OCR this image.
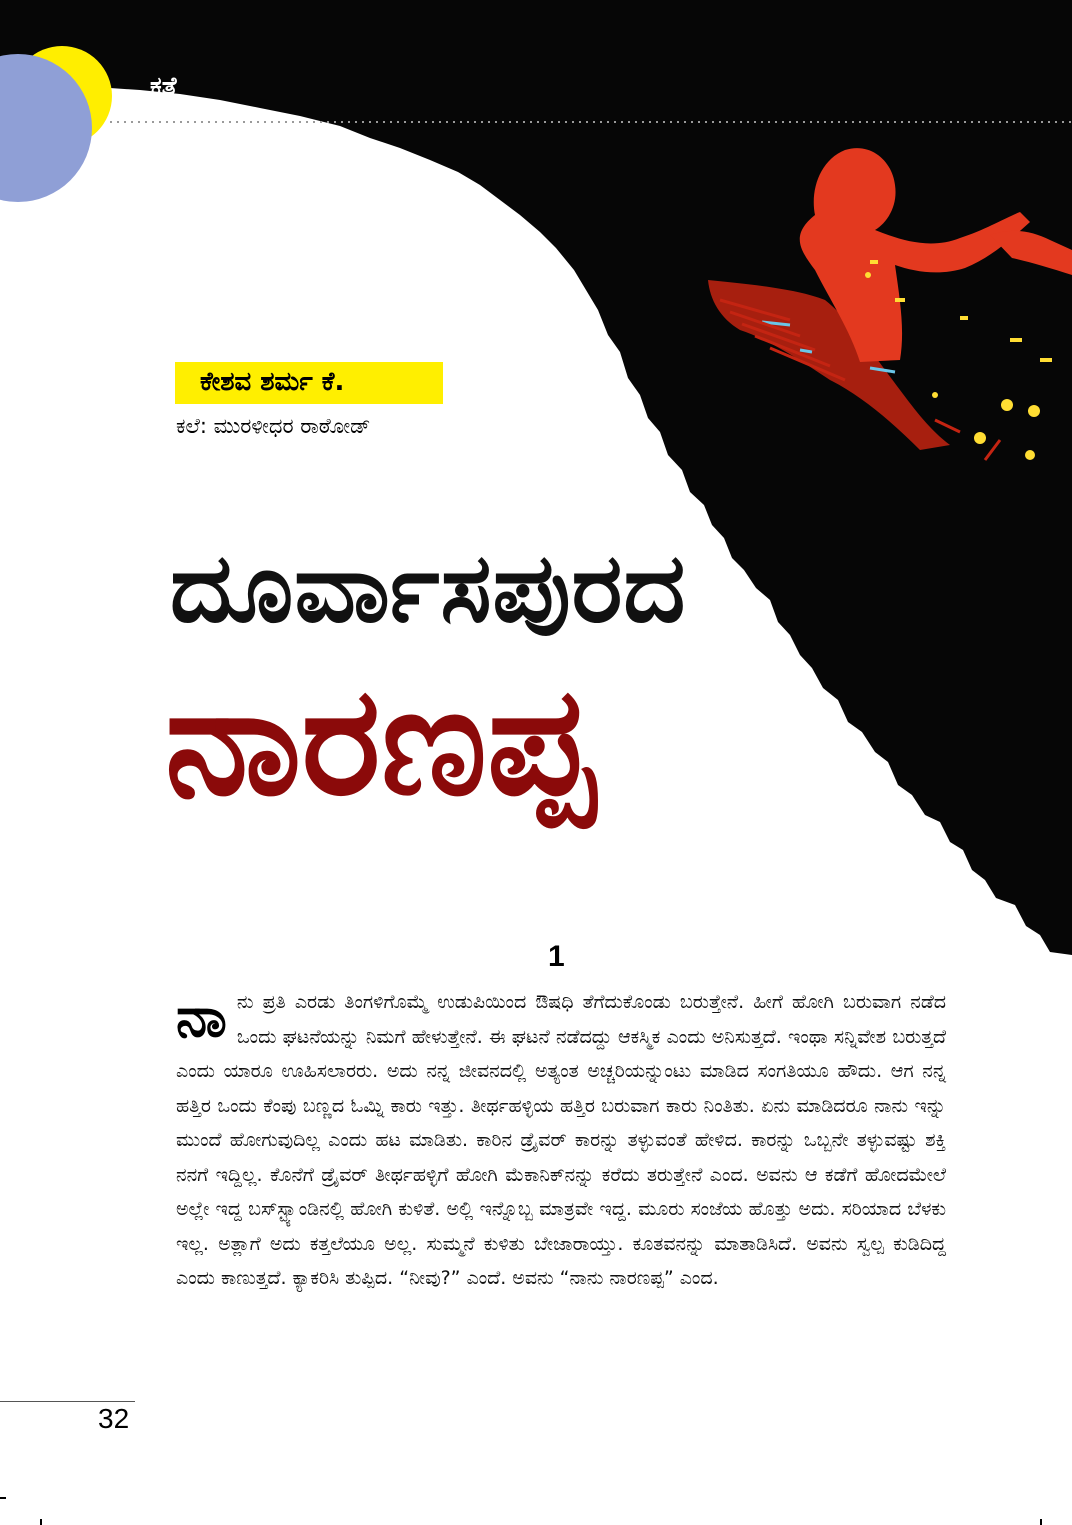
ಕತೆ
ಕೇಶವ ಶರ್ಮ ಕೆ.
ಕಲೆ: ಮುರಳೀಧರ ರಾಠೋಡ್
ದೂರ್ವಾಸಪುರದ
ನಾರಣಪ್ಪ
1
ನಾ ನು ಪ್ರತಿ ಎರಡು ತಿಂಗಳಿಗೊಮ್ಮೆ ಉಡುಪಿಯಿಂದ ಔಷಧಿ ತೆಗೆದುಕೊಂಡು ಬರುತ್ತೇನೆ. ಹೀಗೆ ಹೋಗಿ ಬರುವಾಗ ನಡೆದ ಒಂದು ಘಟನೆಯನ್ನು ನಿಮಗೆ ಹೇಳುತ್ತೇನೆ. ಈ ಘಟನೆ ನಡೆದದ್ದು ಆಕಸ್ಮಿಕ ಎಂದು ಅನಿಸುತ್ತದೆ. ಇಂಥಾ ಸನ್ನಿವೇಶ ಬರುತ್ತದೆ ಎಂದು ಯಾರೂ ಊಹಿಸಲಾರರು. ಅದು ನನ್ನ ಜೀವನದಲ್ಲಿ ಅತ್ಯಂತ ಅಚ್ಚರಿಯನ್ನುಂಟು ಮಾಡಿದ ಸಂಗತಿಯೂ ಹೌದು. ಆಗ ನನ್ನ ಹತ್ತಿರ ಒಂದು ಕೆಂಪು ಬಣ್ಣದ ಓಮ್ನಿ ಕಾರು ಇತ್ತು. ತೀರ್ಥಹಳ್ಳಿಯ ಹತ್ತಿರ ಬರುವಾಗ ಕಾರು ನಿಂತಿತು. ಏನು ಮಾಡಿದರೂ ನಾನು ಇನ್ನು ಮುಂದೆ ಹೋಗುವುದಿಲ್ಲ ಎಂದು ಹಟ ಮಾಡಿತು. ಕಾರಿನ ಡ್ರೈವರ್ ಕಾರನ್ನು ತಳ್ಳುವಂತೆ ಹೇಳಿದ. ಕಾರನ್ನು ಒಬ್ಬನೇ ತಳ್ಳುವಷ್ಟು ಶಕ್ತಿ ನನಗೆ ಇದ್ದಿಲ್ಲ. ಕೊನೆಗೆ ಡ್ರೈವರ್ ತೀರ್ಥಹಳ್ಳಿಗೆ ಹೋಗಿ ಮೆಕಾನಿಕ್‌ನನ್ನು ಕರೆದು ತರುತ್ತೇನೆ ಎಂದ. ಅವನು ಆ ಕಡೆಗೆ ಹೋದಮೇಲೆ ಅಲ್ಲೇ ಇದ್ದ ಬಸ್‌ಸ್ಟ್ಯಾಂಡಿನಲ್ಲಿ ಹೋಗಿ ಕುಳಿತೆ. ಅಲ್ಲಿ ಇನ್ನೊಬ್ಬ ಮಾತ್ರವೇ ಇದ್ದ. ಮೂರು ಸಂಜೆಯ ಹೊತ್ತು ಅದು. ಸರಿಯಾದ ಬೆಳಕು ಇಲ್ಲ. ಅತ್ಲಾಗೆ ಅದು ಕತ್ತಲೆಯೂ ಅಲ್ಲ. ಸುಮ್ಮನೆ ಕುಳಿತು ಬೇಜಾರಾಯ್ತು. ಕೂತವನನ್ನು ಮಾತಾಡಿಸಿದೆ. ಅವನು ಸ್ವಲ್ಪ ಕುಡಿದಿದ್ದ ಎಂದು ಕಾಣುತ್ತದೆ. ಕ್ಯಾಕರಿಸಿ ತುಪ್ಪಿದ. “ನೀವು?” ಎಂದೆ. ಅವನು “ನಾನು ನಾರಣಪ್ಪ” ಎಂದ.
32
